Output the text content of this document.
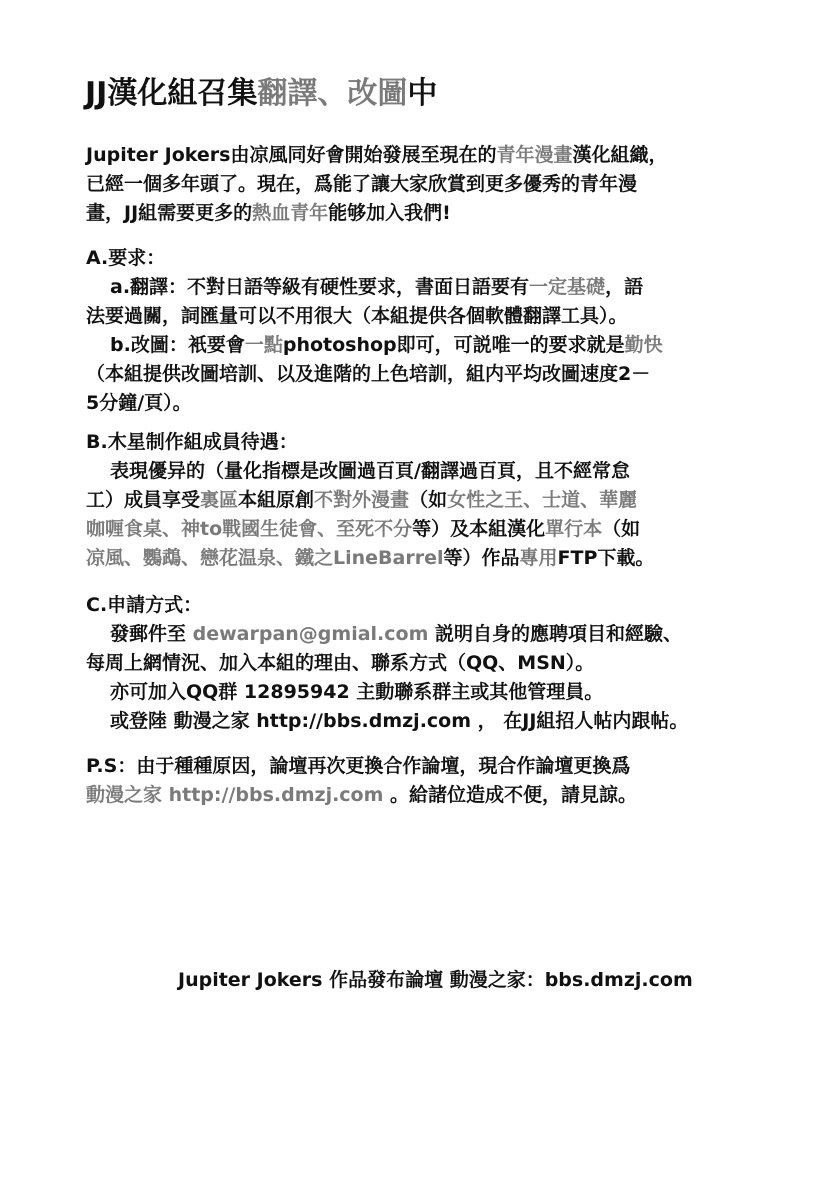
JJ漢化組召集翻譯、改圖中
Jupiter Jokers由凉風同好會開始發展至現在的青年漫畫漢化組織，
已經一個多年頭了。現在，爲能了讓大家欣賞到更多優秀的青年漫
畫，JJ組需要更多的熱血青年能够加入我們!
A.要求：
a.翻譯：不對日語等級有硬性要求，書面日語要有一定基礎，語
法要過關，詞匯量可以不用很大（本組提供各個軟體翻譯工具）。
b.改圖：衹要會一點photoshop即可，可説唯一的要求就是勤快
（本組提供改圖培訓、以及進階的上色培訓，組内平均改圖速度2－
5分鐘/頁）。
B.木星制作組成員待遇：
表現優异的（量化指標是改圖過百頁/翻譯過百頁，且不經常怠
工）成員享受裏區本組原創不對外漫畫（如女性之王、士道、華麗
咖喱食桌、神to戰國生徒會、至死不分等）及本組漢化單行本（如
凉風、鸚鵡、戀花温泉、鐵之LineBarrel等）作品專用FTP下載。
C.申請方式：
發郵件至 dewarpan@gmial.com 説明自身的應聘項目和經驗、
每周上網情況、加入本組的理由、聯系方式（QQ、MSN）。
亦可加入QQ群 12895942 主動聯系群主或其他管理員。
或登陸 動漫之家 http://bbs.dmzj.com ， 在JJ組招人帖内跟帖。
P.S：由于種種原因，論壇再次更換合作論壇，現合作論壇更換爲
動漫之家 http://bbs.dmzj.com 。給諸位造成不便，請見諒。
Jupiter Jokers 作品發布論壇 動漫之家：bbs.dmzj.com
